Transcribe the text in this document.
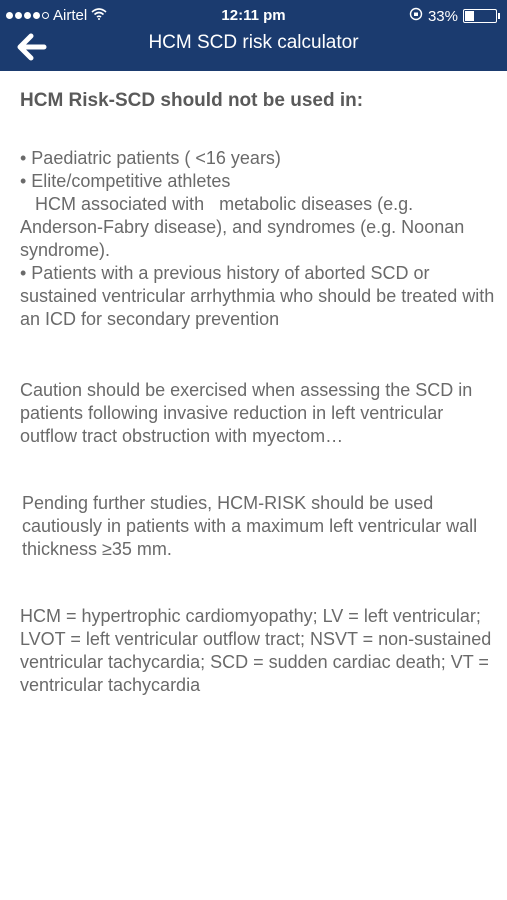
Airtel	12:11 pm	33%
HCM SCD risk calculator

HCM Risk-SCD should not be used in:

• Paediatric patients ( <16 years)

• Elite/competitive athletes

HCM associated with   metabolic diseases (e.g. Anderson-Fabry disease), and syndromes (e.g. Noonan syndrome).

• Patients with a previous history of aborted SCD or sustained ventricular arrhythmia who should be treated with an ICD for secondary prevention

Caution should be exercised when assessing the SCD in patients following invasive reduction in left ventricular outflow tract obstruction with myectom…

Pending further studies, HCM-RISK should be used cautiously in patients with a maximum left ventricular wall thickness ≥35 mm.

HCM = hypertrophic cardiomyopathy; LV = left ventricular; LVOT = left ventricular outflow tract; NSVT = non-sustained ventricular tachycardia; SCD = sudden cardiac death; VT = ventricular tachycardia
